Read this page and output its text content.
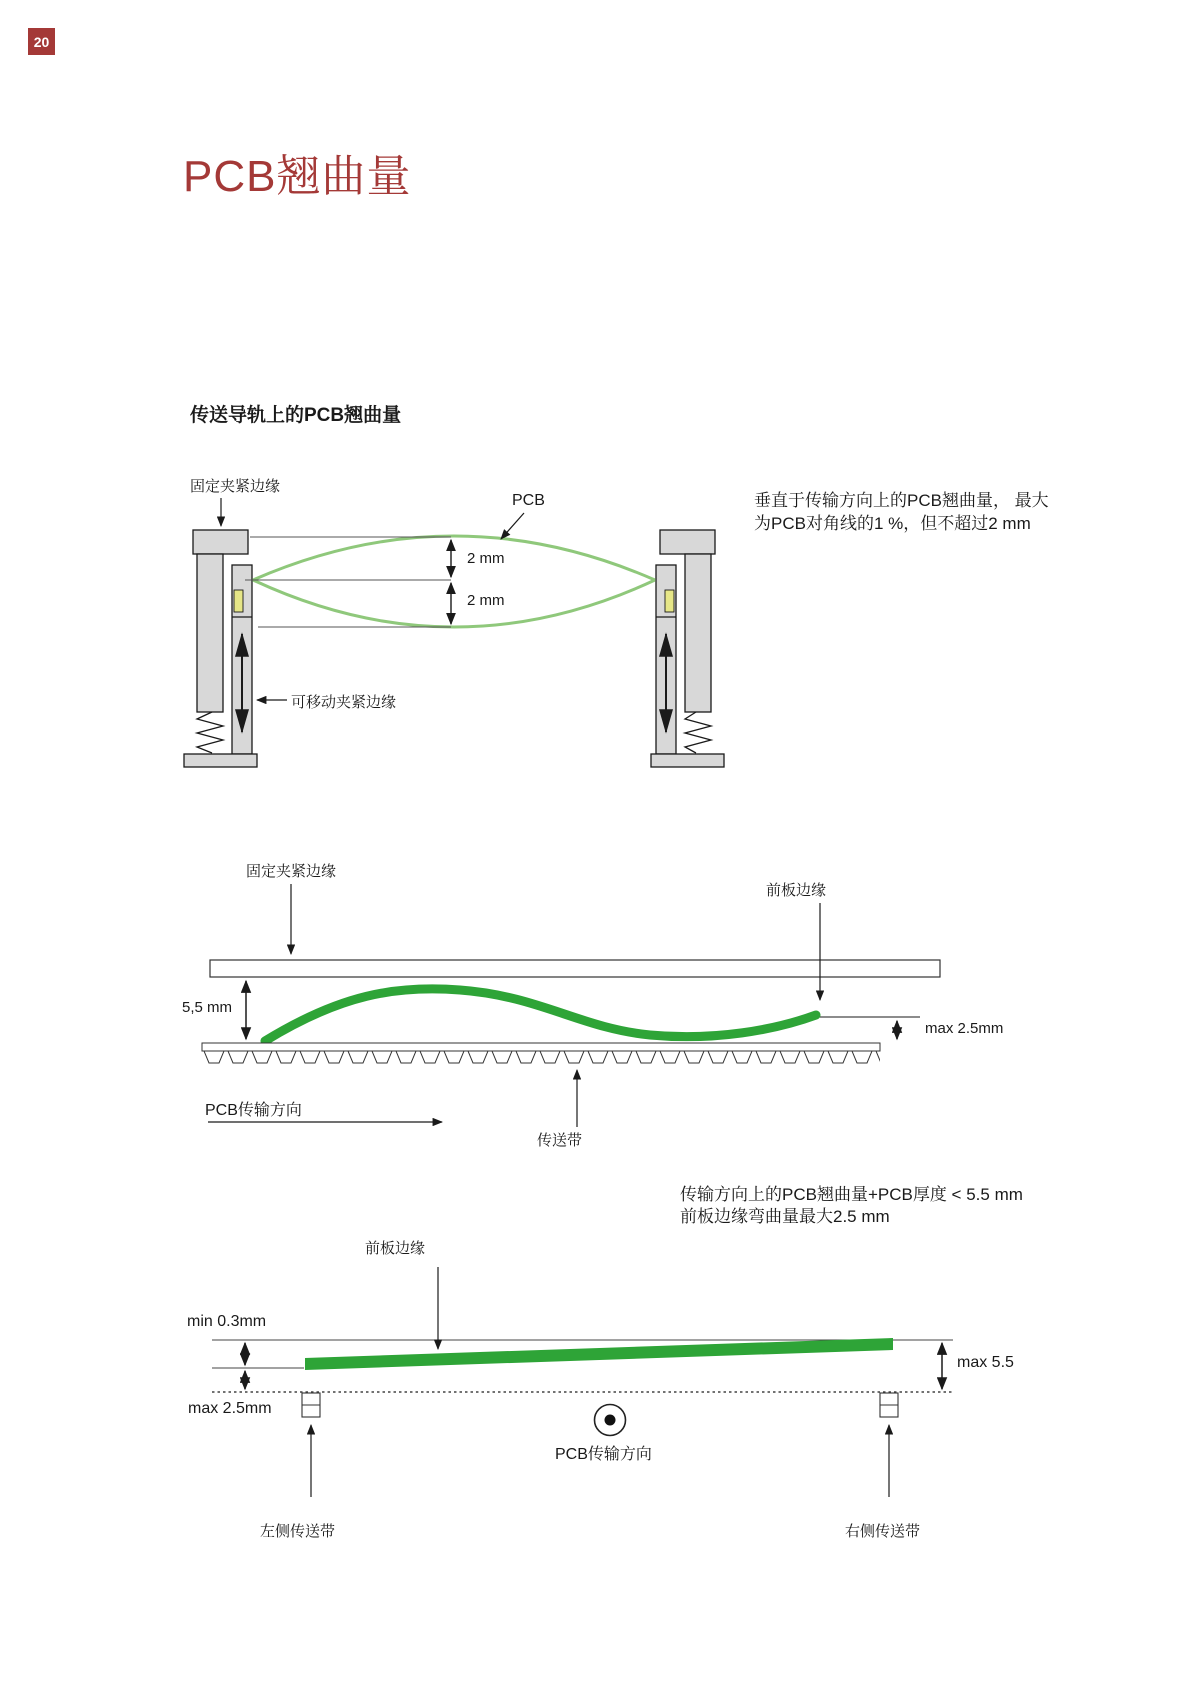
20
PCB翘曲量
传送导轨上的PCB翘曲量
固定夹紧边缘
PCB
2 mm
2 mm
可移动夹紧边缘
垂直于传输方向上的PCB翘曲量， 最大
为PCB对角线的1 %，但不超过2 mm
固定夹紧边缘
前板边缘
5,5 mm
max 2.5mm
PCB传输方向
传送带
传输方向上的PCB翘曲量+PCB厚度 < 5.5 mm
前板边缘弯曲量最大2.5 mm
前板边缘
min 0.3mm
max 2.5mm
max 5.5
PCB传输方向
左侧传送带	右侧传送带
